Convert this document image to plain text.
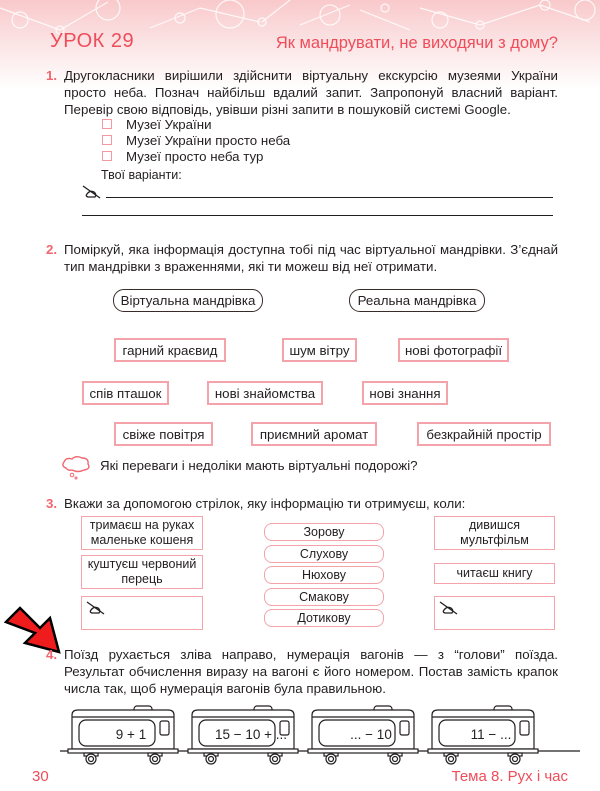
УРОК 29	Як мандрувати, не виходячи з дому?
1. Другокласники вирішили здійснити віртуальну екскурсію музеями України просто неба. Познач найбільш вдалий запит. Запропонуй власний варіант. Перевір свою відповідь, увівши різні запити в пошуковій системі Google.

Музеї України
Музеї України просто неба
Музеї просто неба тур
Твої варіанти:
2. Поміркуй, яка інформація доступна тобі під час віртуальної мандрівки. З’єднай тип мандрівки з враженнями, які ти можеш від неї отримати.

Віртуальна мандрівка	Реальна мандрівка
гарний краєвид	шум вітру	нові фотографії
спів пташок	нові знайомства	нові знання
свіже повітря	приємний аромат	безкрайній простір
Які переваги і недоліки мають віртуальні подорожі?
3. Вкажи за допомогою стрілок, яку інформацію ти отримуєш, коли:

тримаєш на руках маленьке кошеня
куштуєш червоний перець
Зорову
Слухову
Нюхову
Смакову
Дотикову
дивишся мультфільм
читаєш книгу
4. Поїзд рухається зліва направо, нумерація вагонів — з “голови” поїзда. Результат обчислення виразу на вагоні є його номером. Постав замість крапок числа так, щоб нумерація вагонів була правильною.

9 + 1	15 − 10 + ...	... − 10	11 − ...
30	Тема 8. Рух і час
